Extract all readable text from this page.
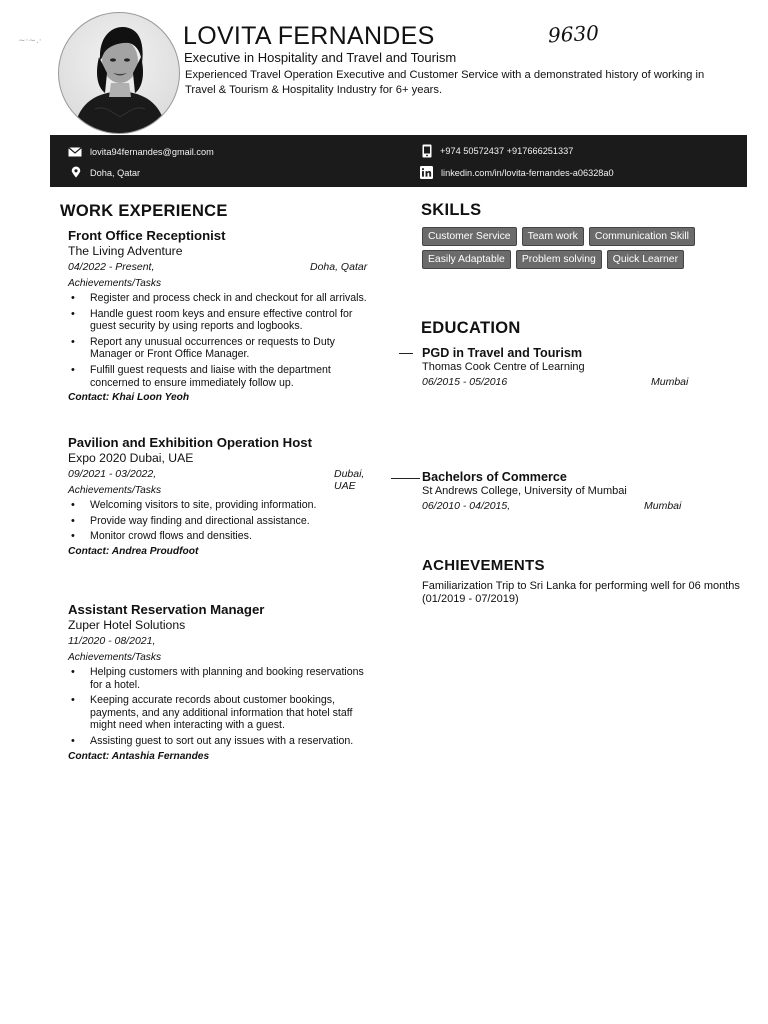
~·~.·	9630
LOVITA FERNANDES
Executive in Hospitality and Travel and Tourism
Experienced Travel Operation Executive and Customer Service with a demonstrated history of working in Travel & Tourism & Hospitality Industry for 6+ years.
lovita94fernandes@gmail.com
Doha, Qatar
+974 50572437 +917666251337
linkedin.com/in/lovita-fernandes-a06328a0
WORK EXPERIENCE
Front Office Receptionist
The Living Adventure
04/2022 - Present,	Doha, Qatar
Achievements/Tasks
• Register and process check in and checkout for all arrivals.
• Handle guest room keys and ensure effective control for guest security by using reports and logbooks.
• Report any unusual occurrences or requests to Duty Manager or Front Office Manager.
• Fulfill guest requests and liaise with the department concerned to ensure immediately follow up.
Contact: Khai Loon Yeoh
Pavilion and Exhibition Operation Host
Expo 2020 Dubai, UAE
09/2021 - 03/2022,	Dubai, UAE
Achievements/Tasks
• Welcoming visitors to site, providing information.
• Provide way finding and directional assistance.
• Monitor crowd flows and densities.
Contact: Andrea Proudfoot
Assistant Reservation Manager
Zuper Hotel Solutions
11/2020 - 08/2021,
Achievements/Tasks
• Helping customers with planning and booking reservations for a hotel.
• Keeping accurate records about customer bookings, payments, and any additional information that hotel staff might need when interacting with a guest.
• Assisting guest to sort out any issues with a reservation.
Contact: Antashia Fernandes
SKILLS
Customer Service	Team work	Communication Skill
Easily Adaptable	Problem solving	Quick Learner
EDUCATION
PGD in Travel and Tourism
Thomas Cook Centre of Learning
06/2015 - 05/2016	Mumbai
Bachelors of Commerce
St Andrews College, University of Mumbai
06/2010 - 04/2015,	Mumbai
ACHIEVEMENTS
Familiarization Trip to Sri Lanka for performing well for 06 months (01/2019 - 07/2019)
